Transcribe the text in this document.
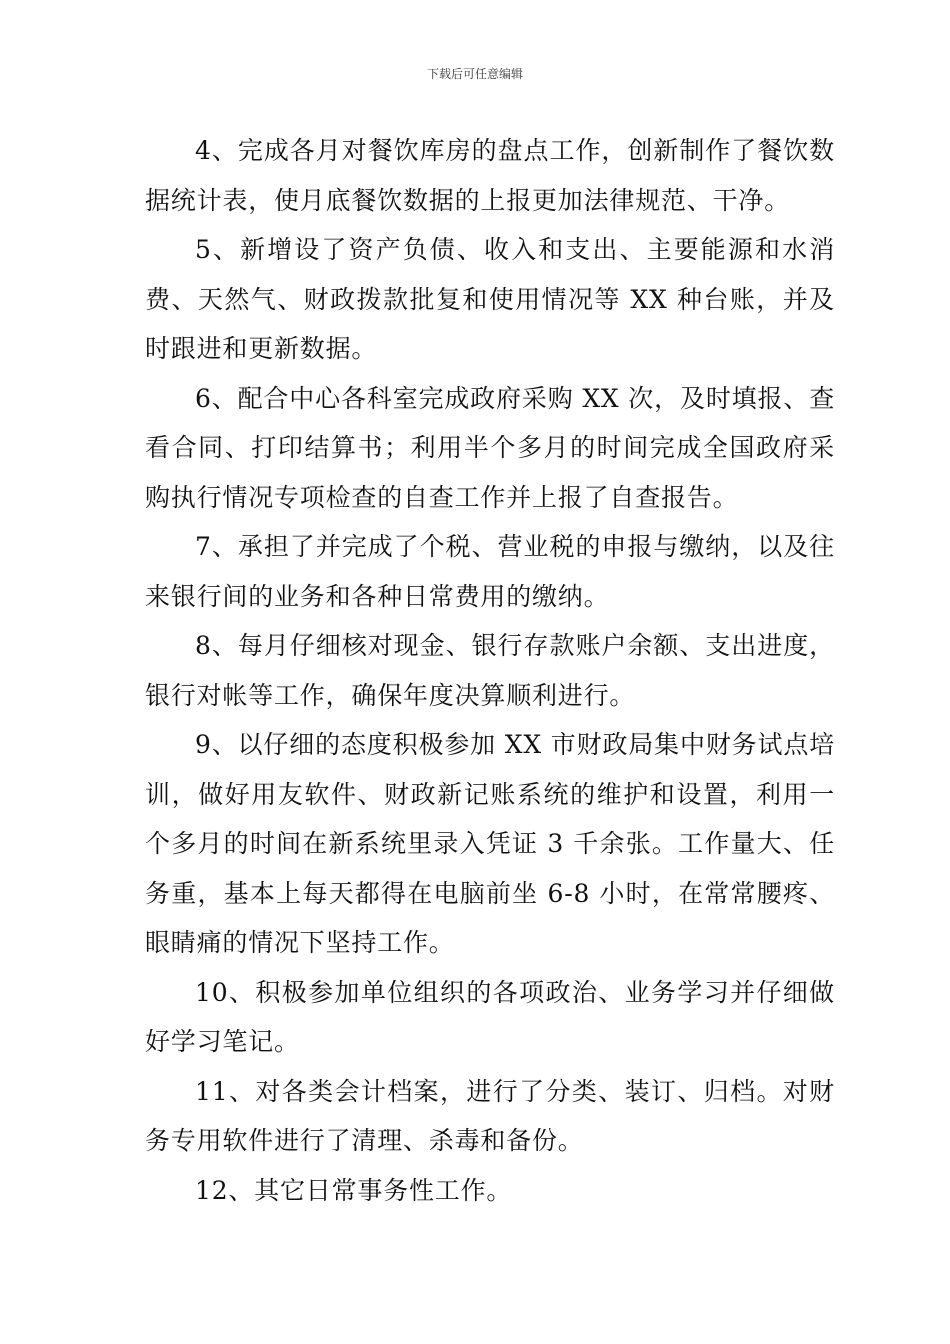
下载后可任意编辑

4、完成各月对餐饮库房的盘点工作，创新制作了餐饮数据统计表，使月底餐饮数据的上报更加法律规范、干净。

5、新增设了资产负债、收入和支出、主要能源和水消费、天然气、财政拨款批复和使用情况等 XX 种台账，并及时跟进和更新数据。

6、配合中心各科室完成政府采购 XX 次，及时填报、查看合同、打印结算书；利用半个多月的时间完成全国政府采购执行情况专项检查的自查工作并上报了自查报告。

7、承担了并完成了个税、营业税的申报与缴纳，以及往来银行间的业务和各种日常费用的缴纳。

8、每月仔细核对现金、银行存款账户余额、支出进度，银行对帐等工作，确保年度决算顺利进行。

9、以仔细的态度积极参加 XX 市财政局集中财务试点培训，做好用友软件、财政新记账系统的维护和设置，利用一个多月的时间在新系统里录入凭证 3 千余张。工作量大、任务重，基本上每天都得在电脑前坐 6-8 小时，在常常腰疼、眼睛痛的情况下坚持工作。

10、积极参加单位组织的各项政治、业务学习并仔细做好学习笔记。

11、对各类会计档案，进行了分类、装订、归档。对财务专用软件进行了清理、杀毒和备份。

12、其它日常事务性工作。
